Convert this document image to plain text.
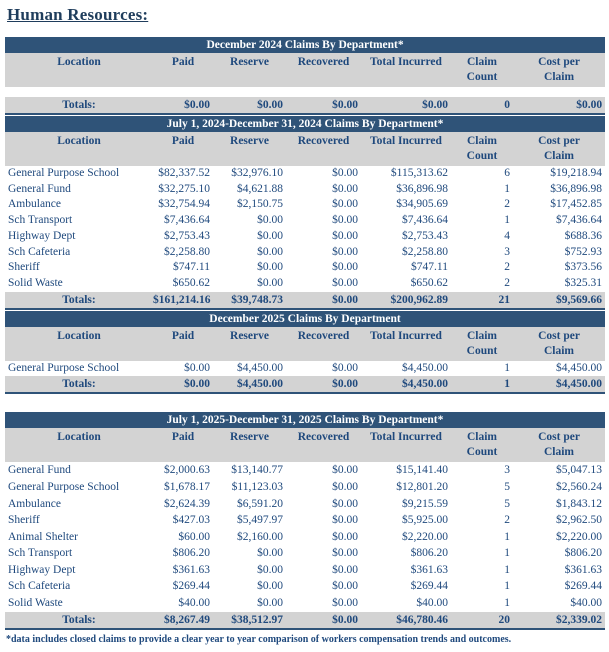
Human Resources:
December 2024 Claims By Department*						

Location	Paid	Reserve	Recovered	Total Incurred	Claim
Count	Cost per
Claim

Totals:	$0.00	$0.00	$0.00	$0.00	0	$0.00
July 1, 2024-December 31, 2024 Claims By Department*						

Location	Paid	Reserve	Recovered	Total Incurred	Claim
Count	Cost per
Claim

General Purpose School	$82,337.52	$32,976.10	$0.00	$115,313.62	6	$19,218.94
General Fund	$32,275.10	$4,621.88	$0.00	$36,896.98	1	$36,896.98
Ambulance	$32,754.94	$2,150.75	$0.00	$34,905.69	2	$17,452.85
Sch Transport	$7,436.64	$0.00	$0.00	$7,436.64	1	$7,436.64
Highway Dept	$2,753.43	$0.00	$0.00	$2,753.43	4	$688.36
Sch Cafeteria	$2,258.80	$0.00	$0.00	$2,258.80	3	$752.93
Sheriff	$747.11	$0.00	$0.00	$747.11	2	$373.56
Solid Waste	$650.62	$0.00	$0.00	$650.62	2	$325.31
Totals:	$161,214.16	$39,748.73	$0.00	$200,962.89	21	$9,569.66
December 2025 Claims By Department						

Location	Paid	Reserve	Recovered	Total Incurred	Claim
Count	Cost per
Claim

General Purpose School	$0.00	$4,450.00	$0.00	$4,450.00	1	$4,450.00
Totals:	$0.00	$4,450.00	$0.00	$4,450.00	1	$4,450.00
July 1, 2025-December 31, 2025 Claims By Department*						

Location	Paid	Reserve	Recovered	Total Incurred	Claim
Count	Cost per
Claim

General Fund	$2,000.63	$13,140.77	$0.00	$15,141.40	3	$5,047.13
General Purpose School	$1,678.17	$11,123.03	$0.00	$12,801.20	5	$2,560.24
Ambulance	$2,624.39	$6,591.20	$0.00	$9,215.59	5	$1,843.12
Sheriff	$427.03	$5,497.97	$0.00	$5,925.00	2	$2,962.50
Animal Shelter	$60.00	$2,160.00	$0.00	$2,220.00	1	$2,220.00
Sch Transport	$806.20	$0.00	$0.00	$806.20	1	$806.20
Highway Dept	$361.63	$0.00	$0.00	$361.63	1	$361.63
Sch Cafeteria	$269.44	$0.00	$0.00	$269.44	1	$269.44
Solid Waste	$40.00	$0.00	$0.00	$40.00	1	$40.00
Totals:	$8,267.49	$38,512.97	$0.00	$46,780.46	20	$2,339.02
*data includes closed claims to provide a clear year to year comparison of workers compensation trends and outcomes.
